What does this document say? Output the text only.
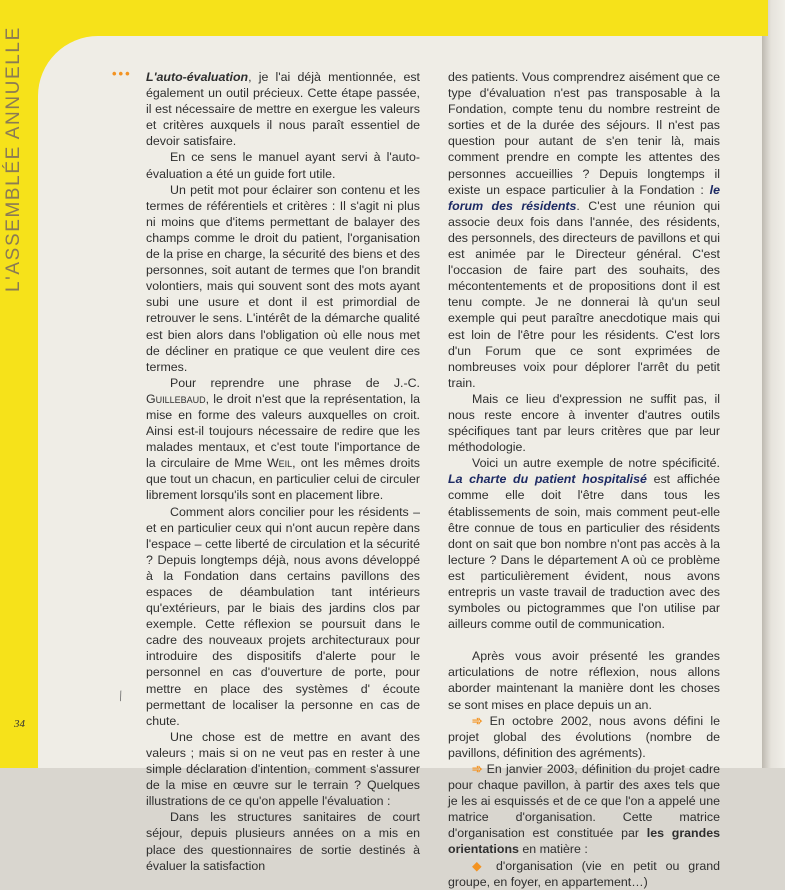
L'ASSEMBLÉE ANNUELLE
34
•••
⁄

L'auto-évaluation, je l'ai déjà mentionnée, est également un outil précieux. Cette étape passée, il est nécessaire de mettre en exergue les valeurs et critères auxquels il nous paraît essentiel de devoir satisfaire.

En ce sens le manuel ayant servi à l'auto-évaluation a été un guide fort utile.

Un petit mot pour éclairer son contenu et les termes de référentiels et critères : Il s'agit ni plus ni moins que d'items permettant de balayer des champs comme le droit du patient, l'organisation de la prise en charge, la sécurité des biens et des personnes, soit autant de termes que l'on brandit volontiers, mais qui souvent sont des mots ayant subi une usure et dont il est primordial de retrouver le sens. L'intérêt de la démarche qualité est bien alors dans l'obligation où elle nous met de décliner en pratique ce que veulent dire ces termes.

Pour reprendre une phrase de J.-C. Guillebaud, le droit n'est que la représentation, la mise en forme des valeurs auxquelles on croit. Ainsi est-il toujours nécessaire de redire que les malades mentaux, et c'est toute l'importance de la circulaire de Mme Weil, ont les mêmes droits que tout un chacun, en particulier celui de circuler librement lorsqu'ils sont en placement libre.

Comment alors concilier pour les résidents – et en particulier ceux qui n'ont aucun repère dans l'espace – cette liberté de circulation et la sécurité ? Depuis longtemps déjà, nous avons développé à la Fondation dans certains pavillons des espaces de déambulation tant intérieurs qu'extérieurs, par le biais des jardins clos par exemple. Cette réflexion se poursuit dans le cadre des nouveaux projets architecturaux pour introduire des dispositifs d'alerte pour le personnel en cas d'ouverture de porte, pour mettre en place des systèmes d' écoute permettant de localiser la personne en cas de chute.

Une chose est de mettre en avant des valeurs ; mais si on ne veut pas en rester à une simple déclaration d'intention, comment s'assurer de la mise en œuvre sur le terrain ? Quelques illustrations de ce qu'on appelle l'évaluation :

Dans les structures sanitaires de court séjour, depuis plusieurs années on a mis en place des questionnaires de sortie destinés à évaluer la satisfaction

des patients. Vous comprendrez aisément que ce type d'évaluation n'est pas transposable à la Fondation, compte tenu du nombre restreint de sorties et de la durée des séjours. Il n'est pas question pour autant de s'en tenir là, mais comment prendre en compte les attentes des personnes accueillies ? Depuis longtemps il existe un espace particulier à la Fondation : le forum des résidents. C'est une réunion qui associe deux fois dans l'année, des résidents, des personnels, des directeurs de pavillons et qui est animée par le Directeur général. C'est l'occasion de faire part des souhaits, des mécontentements et de propositions dont il est tenu compte. Je ne donnerai là qu'un seul exemple qui peut paraître anecdotique mais qui est loin de l'être pour les résidents. C'est lors d'un Forum que ce sont exprimées de nombreuses voix pour déplorer l'arrêt du petit train.

Mais ce lieu d'expression ne suffit pas, il nous reste encore à inventer d'autres outils spécifiques tant par leurs critères que par leur méthodologie.

Voici un autre exemple de notre spécificité. La charte du patient hospitalisé est affichée comme elle doit l'être dans tous les établissements de soin, mais comment peut-elle être connue de tous en particulier des résidents dont on sait que bon nombre n'ont pas accès à la lecture ? Dans le département A où ce problème est particulièrement évident, nous avons entrepris un vaste travail de traduction avec des symboles ou pictogrammes que l'on utilise par ailleurs comme outil de communication.

Après vous avoir présenté les grandes articulations de notre réflexion, nous allons aborder maintenant la manière dont les choses se sont mises en place depuis un an.

➾ En octobre 2002, nous avons défini le projet global des évolutions (nombre de pavillons, définition des agréments).

➾ En janvier 2003, définition du projet cadre pour chaque pavillon, à partir des axes tels que je les ai esquissés et de ce que l'on a appelé une matrice d'organisation. Cette matrice d'organisation est constituée par les grandes orientations en matière :

◆ d'organisation (vie en petit ou grand groupe, en foyer, en appartement…)
